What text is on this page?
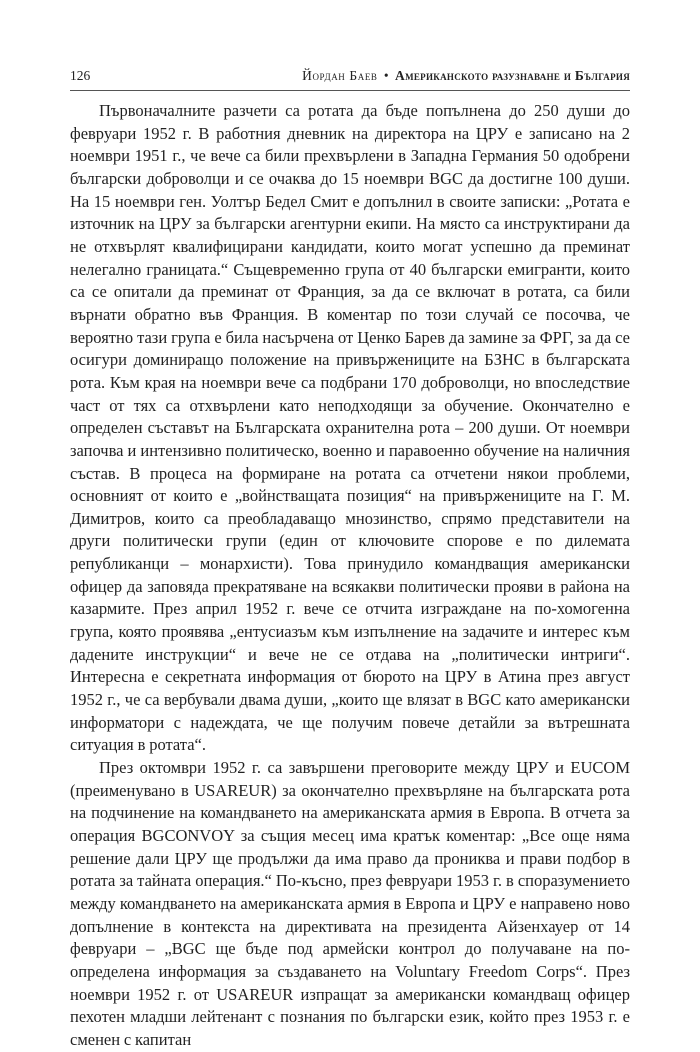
126	Йордан Баев • Американското разузнаване и България

Първоначалните разчети са ротата да бъде попълнена до 250 души до февруари 1952 г. В работния дневник на директора на ЦРУ е записано на 2 ноември 1951 г., че вече са били прехвърлени в Западна Германия 50 одобрени български доброволци и се очаква до 15 ноември BGC да достигне 100 души. На 15 ноември ген. Уолтър Бедел Смит е допълнил в своите записки: „Ротата е източник на ЦРУ за български агентурни екипи. На място са инструктирани да не отхвърлят квалифицирани кандидати, които могат успешно да преминат нелегално границата.“ Същевременно група от 40 български емигранти, които са се опитали да преминат от Франция, за да се включат в ротата, са били върнати обратно във Франция. В коментар по този случай се посочва, че вероятно тази група е била насърчена от Ценко Барев да замине за ФРГ, за да се осигури доминиращо положение на привържениците на БЗНС в българската рота. Към края на ноември вече са подбрани 170 доброволци, но впоследствие част от тях са отхвърлени като неподходящи за обучение. Окончателно е определен съставът на Българската охранителна рота – 200 души. От ноември започва и интензивно политическо, военно и паравоенно обучение на наличния състав. В процеса на формиране на ротата са отчетени някои проблеми, основният от които е „войнстващата позиция“ на привържениците на Г. М. Димитров, които са преобладаващо мнозинство, спрямо представители на други политически групи (един от ключовите спорове е по дилемата републиканци – монархисти). Това принудило командващия американски офицер да заповяда прекратяване на всякакви политически прояви в района на казармите. През април 1952 г. вече се отчита изграждане на по-хомогенна група, която проявява „ентусиазъм към изпълнение на задачите и интерес към дадените инструкции“ и вече не се отдава на „политически интриги“. Интересна е секретната информация от бюрото на ЦРУ в Атина през август 1952 г., че са вербували двама души, „които ще влязат в BGC като американски информатори с надеждата, че ще получим повече детайли за вътрешната ситуация в ротата“.

През октомври 1952 г. са завършени преговорите между ЦРУ и EUCOM (преименувано в USAREUR) за окончателно прехвърляне на българската рота на подчинение на командването на американската армия в Европа. В отчета за операция BGCONVOY за същия месец има кратък коментар: „Все още няма решение дали ЦРУ ще продължи да има право да прониква и прави подбор в ротата за тайната операция.“ По-късно, през февруари 1953 г. в споразумението между командването на американската армия в Европа и ЦРУ е направено ново допълнение в контекста на директивата на президента Айзенхауер от 14 февруари – „BGC ще бъде под армейски контрол до получаване на по-определена информация за създаването на Voluntary Freedom Corps“. През ноември 1952 г. от USAREUR изпращат за американски командващ офицер пехотен младши лейтенант с познания по български език, който през 1953 г. е сменен с капитан
